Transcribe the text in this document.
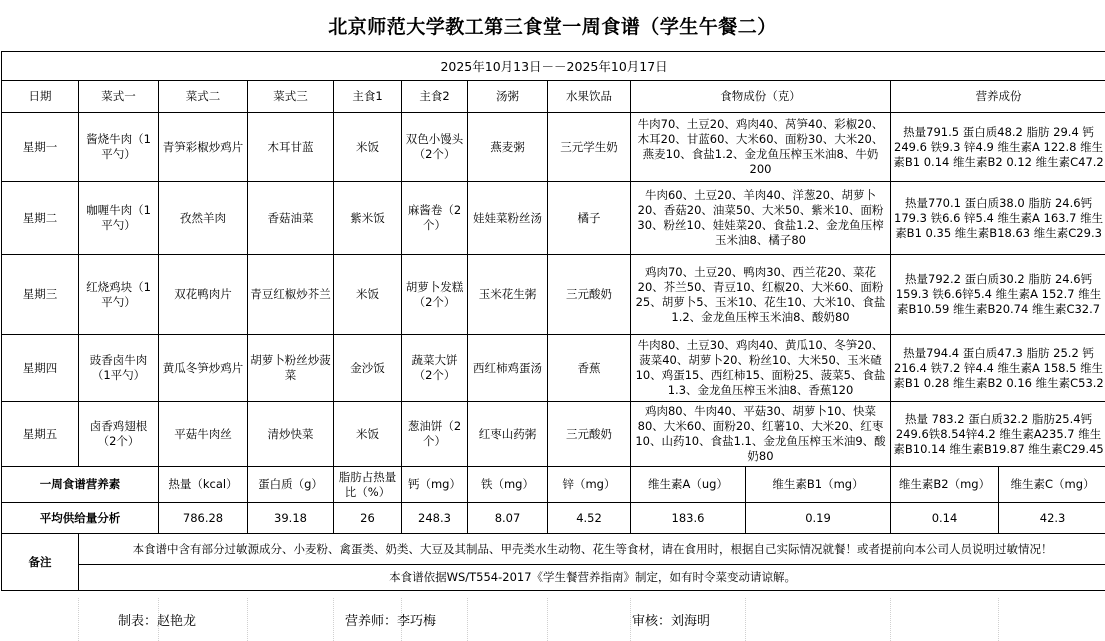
北京师范大学教工第三食堂一周食谱（学生午餐二）
2025年10月13日－－2025年10月17日											
日期	菜式一	菜式二	菜式三	主食1	主食2	汤粥	水果饮品	食物成份（克）		营养成份	
星期一	酱烧牛肉（1平勺）	青笋彩椒炒鸡片	木耳甘蓝	米饭	双色小馒头（2个）	燕麦粥	三元学生奶	牛肉70、土豆20、鸡肉40、莴笋40、彩椒20、木耳20、甘蓝60、大米60、面粉30、大米20、燕麦10、食盐1.2、金龙鱼压榨玉米油8、牛奶200		热量791.5 蛋白质48.2 脂肪 29.4 钙249.6 铁9.3 锌4.9 维生素A 122.8 维生素B1 0.14 维生素B2 0.12 维生素C47.2	
星期二	咖喱牛肉（1平勺）	孜然羊肉	香菇油菜	紫米饭	麻酱卷（2个）	娃娃菜粉丝汤	橘子	牛肉60、土豆20、羊肉40、洋葱20、胡萝卜20、香菇20、油菜50、大米50、紫米10、面粉30、粉丝10、娃娃菜20、食盐1.2、金龙鱼压榨玉米油8、橘子80		热量770.1 蛋白质38.0 脂肪 24.6钙179.3 铁6.6 锌5.4 维生素A 163.7 维生素B1 0.35 维生素B18.63 维生素C29.3	
星期三	红烧鸡块（1平勺）	双花鸭肉片	青豆红椒炒芥兰	米饭	胡萝卜发糕（2个）	玉米花生粥	三元酸奶	鸡肉70、土豆20、鸭肉30、西兰花20、菜花20、芥兰50、青豆10、红椒20、大米60、面粉25、胡萝卜5、玉米10、花生10、大米10、食盐1.2、金龙鱼压榨玉米油8、酸奶80		热量792.2 蛋白质30.2 脂肪 24.6钙159.3 铁6.6锌5.4 维生素A 152.7 维生素B10.59 维生素B20.74 维生素C32.7	
星期四	豉香卤牛肉（1平勺）	黄瓜冬笋炒鸡片	胡萝卜粉丝炒菠菜	金沙饭	蔬菜大饼（2个）	西红柿鸡蛋汤	香蕉	牛肉80、土豆30、鸡肉40、黄瓜10、冬笋20、菠菜40、胡萝卜20、粉丝10、大米50、玉米碴10、鸡蛋15、西红柿15、面粉25、菠菜5、食盐1.3、金龙鱼压榨玉米油8、香蕉120		热量794.4 蛋白质47.3 脂肪 25.2 钙216.4 铁7.2 锌4.4 维生素A 158.5 维生素B1 0.28 维生素B2 0.16 维生素C53.2	
星期五	卤香鸡翅根（2个）	平菇牛肉丝	清炒快菜	米饭	葱油饼（2个）	红枣山药粥	三元酸奶	鸡肉80、牛肉40、平菇30、胡萝卜10、快菜80、大米60、面粉20、红薯10、大米20、红枣10、山药10、食盐1.1、金龙鱼压榨玉米油9、酸奶80		热量 783.2 蛋白质32.2 脂肪25.4钙249.6铁8.54锌4.2 维生素A235.7 维生素B10.14 维生素B19.87 维生素C29.45	
一周食谱营养素		热量（kcal）	蛋白质（g）	脂肪占热量比（%）	钙（mg）	铁（mg）	锌（mg）	维生素A（ug）	维生素B1（mg）	维生素B2（mg）	维生素C（mg）
平均供给量分析		786.28	39.18	26	248.3	8.07	4.52	183.6	0.19	0.14	42.3
备注	本食谱中含有部分过敏源成分、小麦粉、禽蛋类、奶类、大豆及其制品、甲壳类水生动物、花生等食材，请在食用时，根据自己实际情况就餐！或者提前向本公司人员说明过敏情况！										
	本食谱依据WS/T554-2017《学生餐营养指南》制定，如有时令菜变动请谅解。										
制表：赵艳龙	营养师：李巧梅	审核：刘海明
